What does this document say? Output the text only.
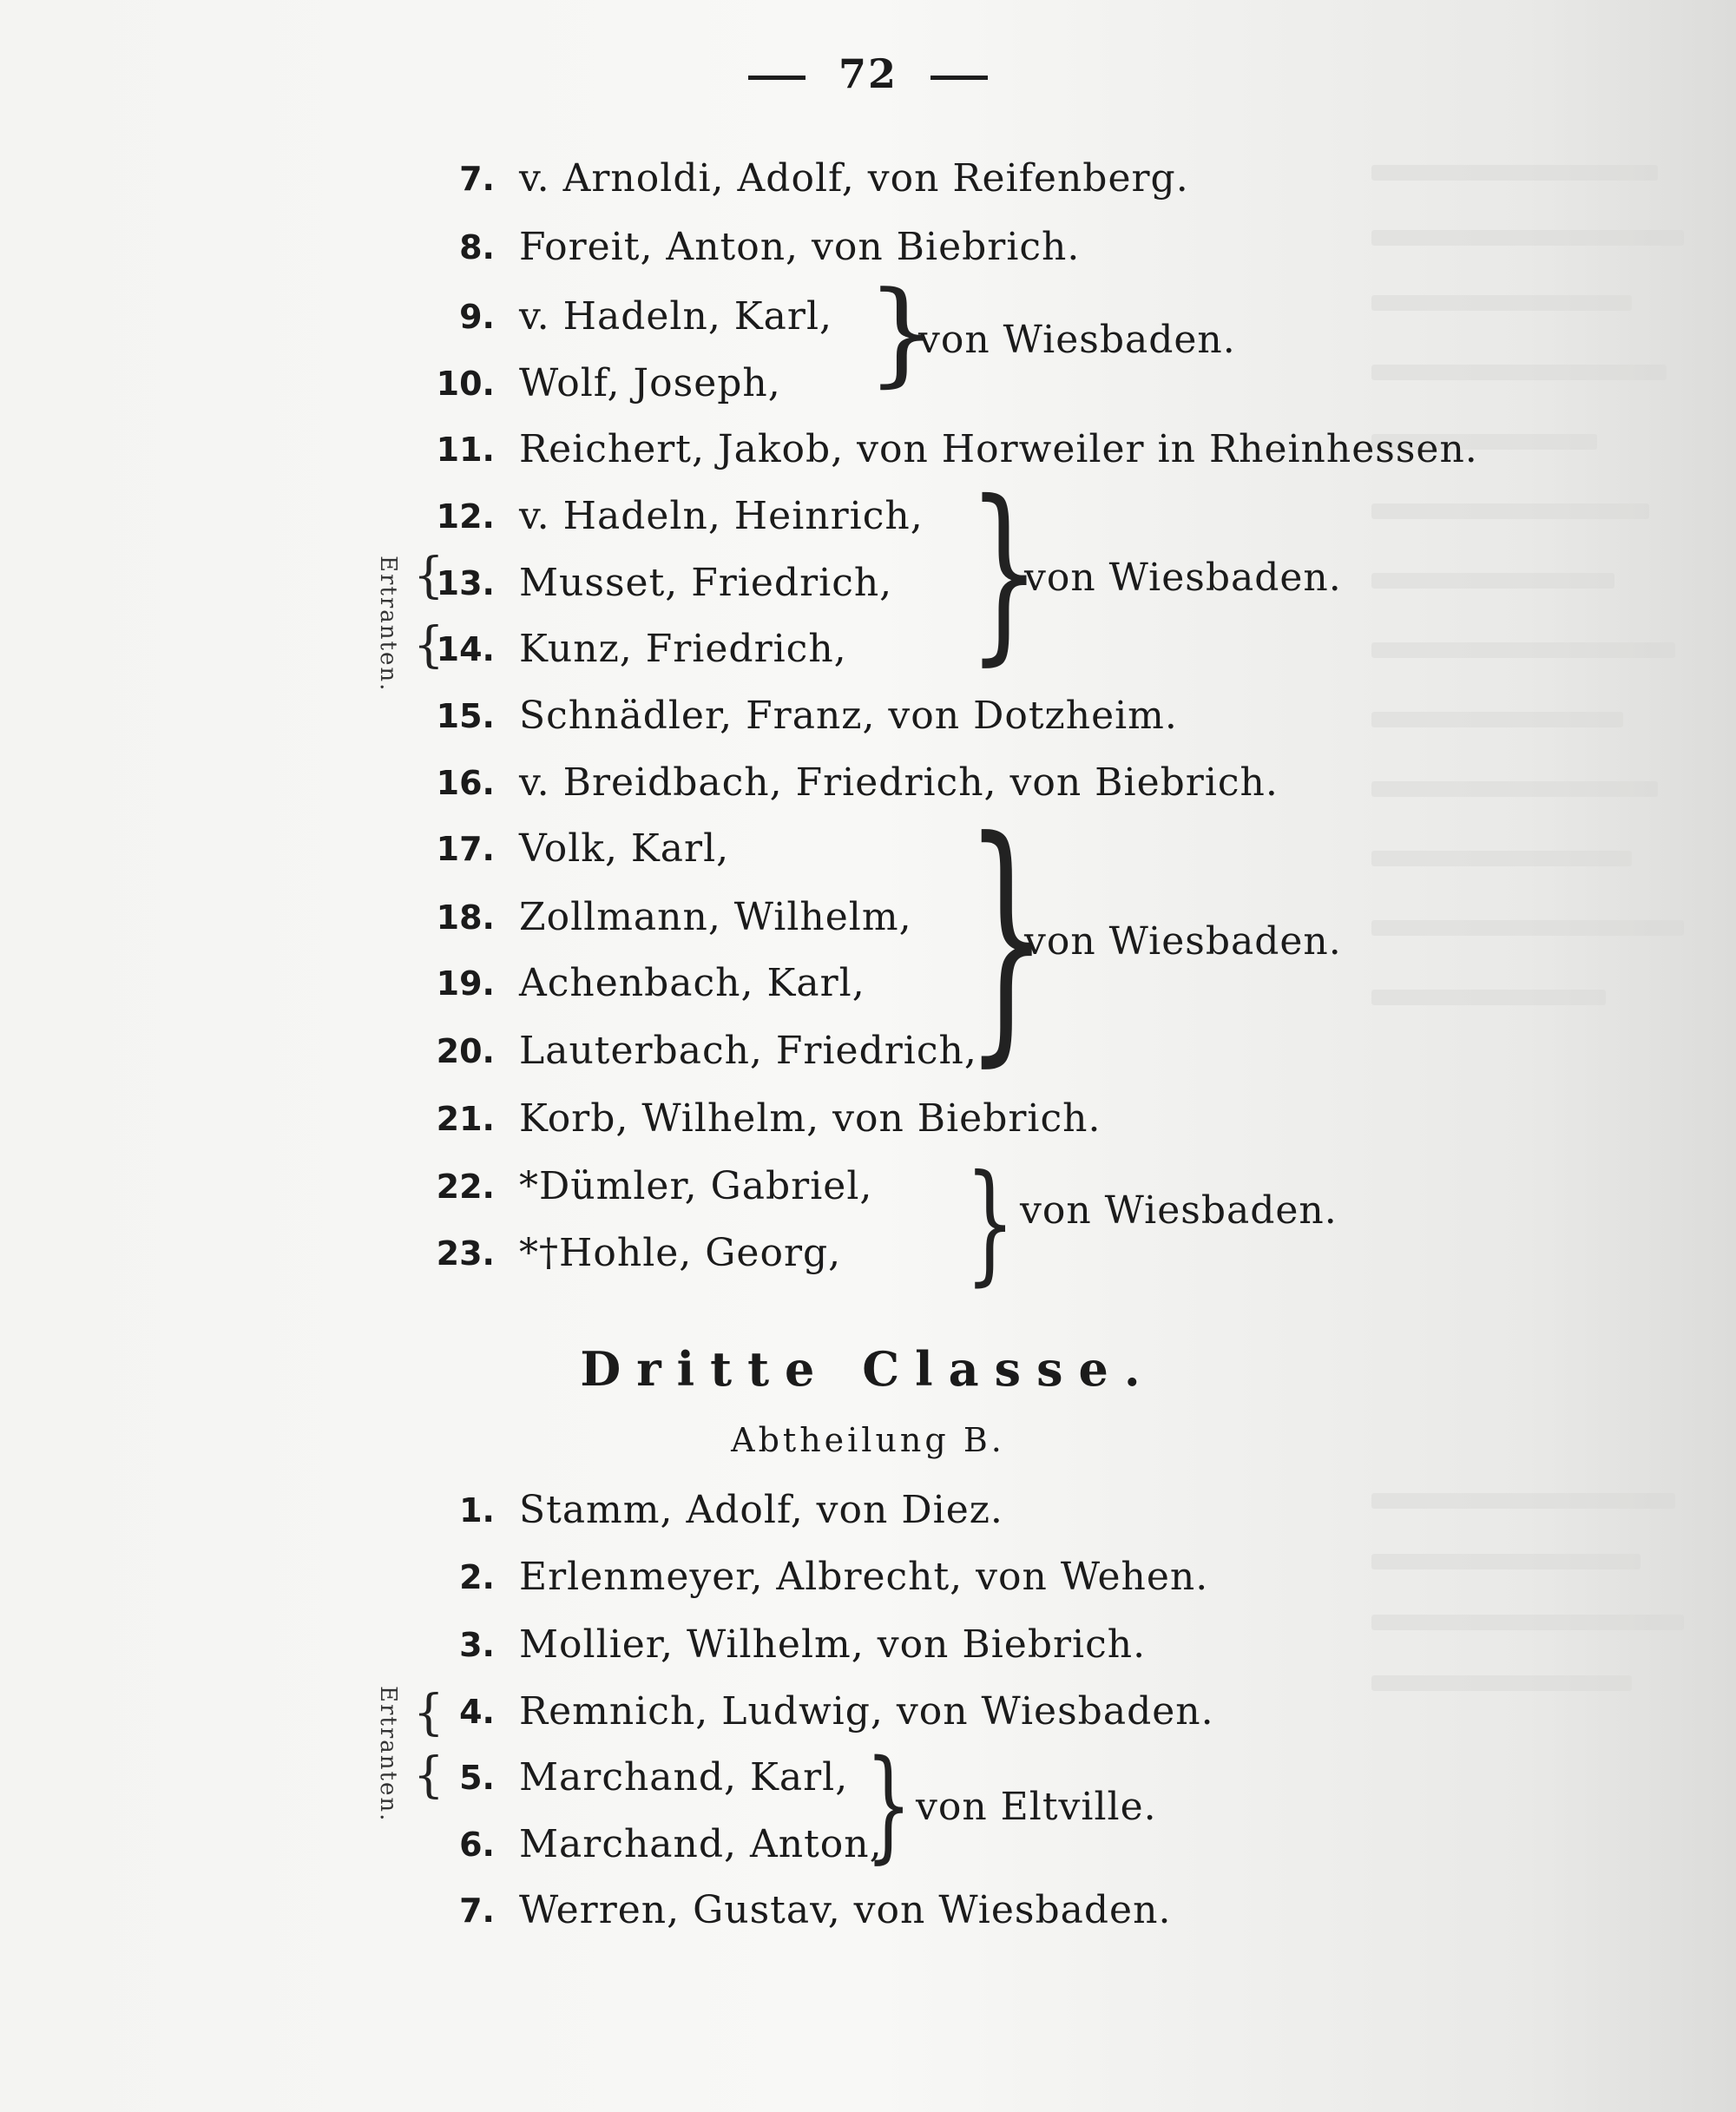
72
7. v. Arnoldi, Adolf, von Reifenberg.
8. Foreit, Anton, von Biebrich.
9. v. Hadeln, Karl,
10. Wolf, Joseph,
11. Reichert, Jakob, von Horweiler in Rheinhessen.
12. v. Hadeln, Heinrich,
13. Musset, Friedrich,
14. Kunz, Friedrich,
15. Schnädler, Franz, von Dotzheim.
16. v. Breidbach, Friedrich, von Biebrich.
17. Volk, Karl,
18. Zollmann, Wilhelm,
19. Achenbach, Karl,
20. Lauterbach, Friedrich,
21. Korb, Wilhelm, von Biebrich.
22. *Dümler, Gabriel,
23. *†Hohle, Georg,
}
von Wiesbaden.
}
von Wiesbaden.
}
von Wiesbaden.
} von Wiesbaden.
Ertranten. {
{
Dritte Classe.
Abtheilung B.
1. Stamm, Adolf, von Diez.
2. Erlenmeyer, Albrecht, von Wehen.
3. Mollier, Wilhelm, von Biebrich.
4. Remnich, Ludwig, von Wiesbaden.
5. Marchand, Karl,
6. Marchand, Anton,
7. Werren, Gustav, von Wiesbaden.
} von Eltville.
Ertranten. {
{
